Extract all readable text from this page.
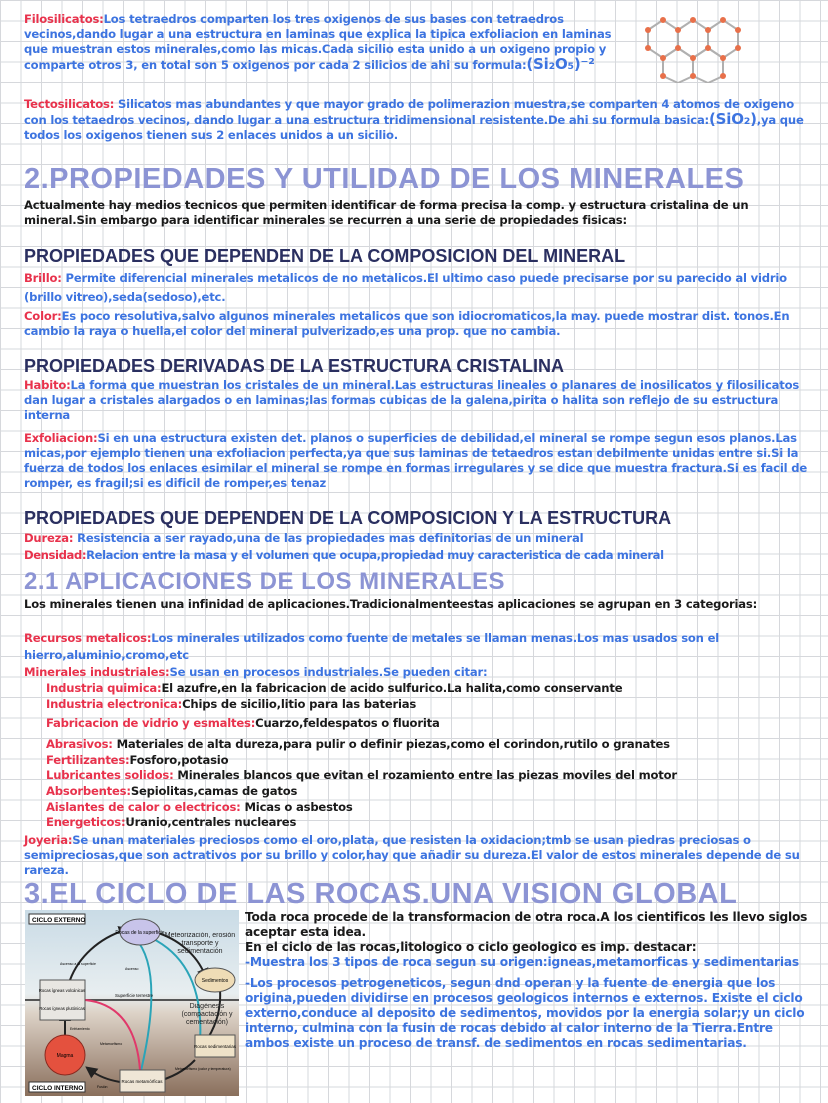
Filosilicatos:Los tetraedros comparten los tres oxigenos de sus bases con tetraedros vecinos,dando lugar a una estructura en laminas que explica la tipica exfoliacion en laminas que muestran estos minerales,como las micas.Cada sicilio esta unido a un oxigeno propio y comparte otros 3, en total son 5 oxigenos por cada 2 silicios de ahi su formula:(Si₂O₅)⁻²
Tectosilicatos: Silicatos mas abundantes y que mayor grado de polimerazion muestra,se comparten 4 atomos de oxigeno con los tetaedros vecinos, dando lugar a una estructura tridimensional resistente.De ahi su formula basica:(SiO₂),ya que todos los oxigenos tienen sus 2 enlaces unidos a un sicilio.
2.PROPIEDADES Y UTILIDAD DE LOS MINERALES
Actualmente hay medios tecnicos que permiten identificar de forma precisa la comp. y estructura cristalina de un mineral.Sin embargo para identificar minerales se recurren a una serie de propiedades fisicas:
PROPIEDADES QUE DEPENDEN DE LA COMPOSICION DEL MINERAL
Brillo: Permite diferencial minerales metalicos de no metalicos.El ultimo caso puede precisarse por su parecido al vidrio (brillo vitreo),seda(sedoso),etc.
Color:Es poco resolutiva,salvo algunos minerales metalicos que son idiocromaticos,la may. puede mostrar dist. tonos.En cambio la raya o huella,el color del mineral pulverizado,es una prop. que no cambia.
PROPIEDADES DERIVADAS DE LA ESTRUCTURA CRISTALINA
Habito:La forma que muestran los cristales de un mineral.Las estructuras lineales o planares de inosilicatos y filosilicatos dan lugar a cristales alargados o en laminas;las formas cubicas de la galena,pirita o halita son reflejo de su estructura interna
Exfoliacion:Si en una estructura existen det. planos o superficies de debilidad,el mineral se rompe segun esos planos.Las micas,por ejemplo tienen una exfoliacion perfecta,ya que sus laminas de tetaedros estan debilmente unidas entre si.Si la fuerza de todos los enlaces esimilar el mineral se rompe en formas irregulares y se dice que muestra fractura.Si es facil de romper, es fragil;si es dificil de romper,es tenaz
PROPIEDADES QUE DEPENDEN DE LA COMPOSICION Y LA ESTRUCTURA
Dureza: Resistencia a ser rayado,una de las propiedades mas definitorias de un mineral
Densidad:Relacion entre la masa y el volumen que ocupa,propiedad muy caracteristica de cada mineral
2.1 APLICACIONES DE LOS MINERALES
Los minerales tienen una infinidad de aplicaciones.Tradicionalmenteestas aplicaciones se agrupan en 3 categorias:
Recursos metalicos:Los minerales utilizados como fuente de metales se llaman menas.Los mas usados son el hierro,aluminio,cromo,etc
Minerales industriales:Se usan en procesos industriales.Se pueden citar:
Industria quimica:El azufre,en la fabricacion de acido sulfurico.La halita,como conservante
Industria electronica:Chips de sicilio,litio para las baterias
Fabricacion de vidrio y esmaltes:Cuarzo,feldespatos o fluorita
Abrasivos: Materiales de alta dureza,para pulir o definir piezas,como el corindon,rutilo o granates
Fertilizantes:Fosforo,potasio
Lubricantes solidos: Minerales blancos que evitan el rozamiento entre las piezas moviles del motor
Absorbentes:Sepiolitas,camas de gatos
Aislantes de calor o electricos: Micas o asbestos
Energeticos:Uranio,centrales nucleares
Joyeria:Se unan materiales preciosos como el oro,plata, que resisten la oxidacion;tmb se usan piedras preciosas o semipreciosas,que son actrativos por su brillo y color,hay que añadir su dureza.El valor de estos minerales depende de su rareza.
3.EL CICLO DE LAS ROCAS.UNA VISION GLOBAL
Rocas de la superficie
Sedimentos
Rocas sedimentarias
Rocas metamórficas
Magma
Rocas ígneas volcánicas
Rocas ígneas plutónicas
CICLO EXTERNO
CICLO INTERNO
Superficie terrestre
Meteorización, erosión transporte y sedimentación
Diagénesis (compactación y cementación)
Metamorfismo (calor y temperatura)
Fusión
Enfriamiento
Ascenso a la superficie
Ascenso
Metamorfismo
Toda roca procede de la transformacion de otra roca.A los cientificos les llevo siglos aceptar esta idea.
En el ciclo de las rocas,litologico o ciclo geologico es imp. destacar:
-Muestra los 3 tipos de roca segun su origen:igneas,metamorficas y sedimentarias
-Los procesos petrogeneticos, segun dnd operan y la fuente de energia que los origina,pueden dividirse en procesos geologicos internos e externos. Existe el ciclo externo,conduce al deposito de sedimentos, movidos por la energia solar;y un ciclo interno, culmina con la fusin de rocas debido al calor interno de la Tierra.Entre ambos existe un proceso de transf. de sedimentos en rocas sedimentarias.
